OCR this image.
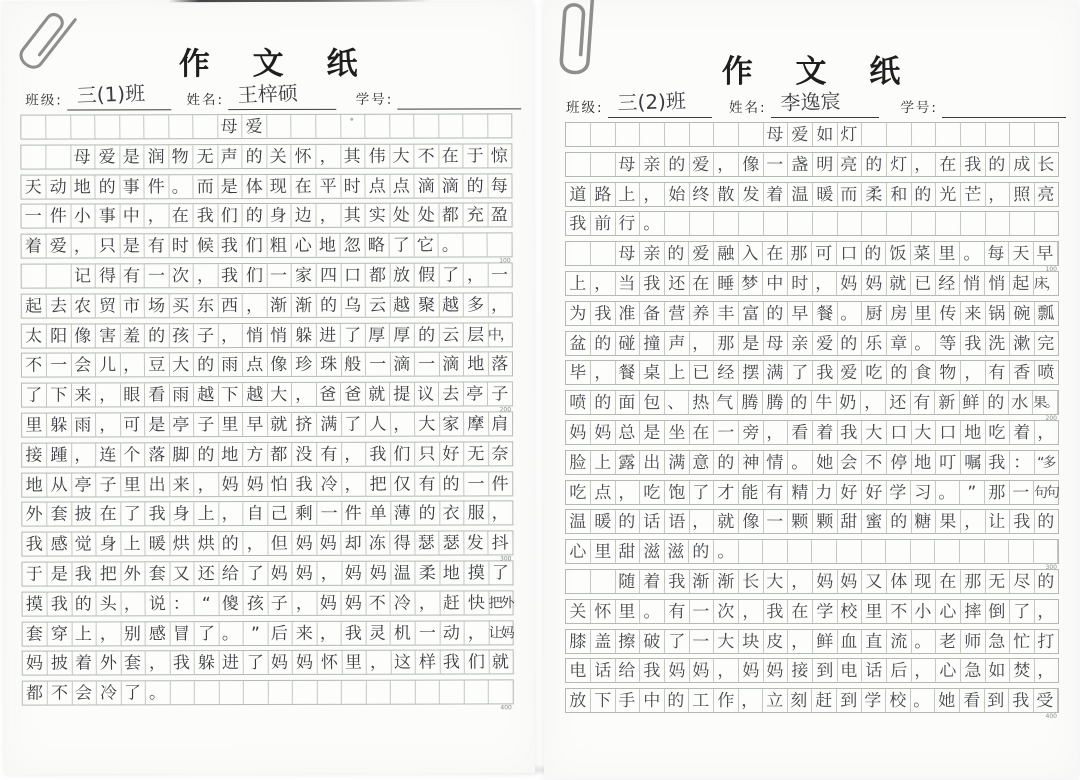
作 文 纸
班级: 三(1)班	姓名: 王梓硕	学号:

母 爱

母 爱 是 润 物 无 声 的 关 怀 ， 其 伟 大 不 在 于 惊
天 动 地 的 事 件 。 而 是 体 现 在 平 时 点 点 滴 滴 的 每
一 件 小 事 中 ， 在 我 们 的 身 边 ， 其 实 处 处 都 充 盈
着 爱 ， 只 是 有 时 候 我 们 粗 心 地 忽 略 了 它 。
100

记 得 有 一 次 ， 我 们 一 家 四 口 都 放 假 了 ， 一
起 去 农 贸 市 场 买 东 西 ， 渐 渐 的 乌 云 越 聚 越 多 ，
太 阳 像 害 羞 的 孩 子 ， 悄 悄 躲 进 了 厚 厚 的 云 层 中，
不 一 会 儿 ， 豆 大 的 雨 点 像 珍 珠 般 一 滴 一 滴 地 落
了 下 来 ， 眼 看 雨 越 下 越 大 ， 爸 爸 就 提 议 去 亭 子
200
里 躲 雨 ， 可 是 亭 子 里 早 就 挤 满 了 人 ， 大 家 摩 肩
接 踵 ， 连 个 落 脚 的 地 方 都 没 有 ， 我 们 只 好 无 奈
地 从 亭 子 里 出 来 ， 妈 妈 怕 我 冷 ， 把 仅 有 的 一 件
外 套 披 在 了 我 身 上 ， 自 己 剩 一 件 单 薄 的 衣 服 ，
我 感 觉 身 上 暖 烘 烘 的 ， 但 妈 妈 却 冻 得 瑟 瑟 发 抖
300
于 是 我 把 外 套 又 还 给 了 妈 妈 ， 妈 妈 温 柔 地 摸 了
摸 我 的 头 ， 说 ： “ 傻 孩 子 ， 妈 妈 不 冷 ， 赶 快 把外
套 穿 上 ， 别 感 冒 了 。 ” 后 来 ， 我 灵 机 一 动 ， 让妈
妈 披 着 外 套 ， 我 躲 进 了 妈 妈 怀 里 ， 这 样 我 们 就
都 不 会 冷 了 。
400
作 文 纸
班级: 三(2)班	姓名: 李逸宸	学号:

母 爱 如 灯

母 亲 的 爱 ， 像 一 盏 明 亮 的 灯 ， 在 我 的 成 长
道 路 上 ， 始 终 散 发 着 温 暖 而 柔 和 的 光 芒 ， 照 亮
我 前 行 。

母 亲 的 爱 融 入 在 那 可 口 的 饭 菜 里 。 每 天 早
100
上 ， 当 我 还 在 睡 梦 中 时 ， 妈 妈 就 已 经 悄 悄 起 床，
为 我 准 备 营 养 丰 富 的 早 餐 。 厨 房 里 传 来 锅 碗 瓢
盆 的 碰 撞 声 ， 那 是 母 亲 爱 的 乐 章 。 等 我 洗 漱 完
毕 ， 餐 桌 上 已 经 摆 满 了 我 爱 吃 的 食 物 ， 有 香 喷
喷 的 面 包 、 热 气 腾 腾 的 牛 奶 ， 还 有 新 鲜 的 水 果。
200
妈 妈 总 是 坐 在 一 旁 ， 看 着 我 大 口 大 口 地 吃 着 ，
脸 上 露 出 满 意 的 神 情 。 她 会 不 停 地 叮 嘱 我 ： “多
吃 点 ， 吃 饱 了 才 能 有 精 力 好 好 学 习 。 ” 那 一 句句
温 暖 的 话 语 ， 就 像 一 颗 颗 甜 蜜 的 糖 果 ， 让 我 的
心 里 甜 滋 滋 的 。
300

随 着 我 渐 渐 长 大 ， 妈 妈 又 体 现 在 那 无 尽 的
关 怀 里 。 有 一 次 ， 我 在 学 校 里 不 小 心 摔 倒 了 ，
膝 盖 擦 破 了 一 大 块 皮 ， 鲜 血 直 流 。 老 师 急 忙 打
电 话 给 我 妈 妈 ， 妈 妈 接 到 电 话 后 ， 心 急 如 焚 ，
放 下 手 中 的 工 作 ， 立 刻 赶 到 学 校 。 她 看 到 我 受
400
